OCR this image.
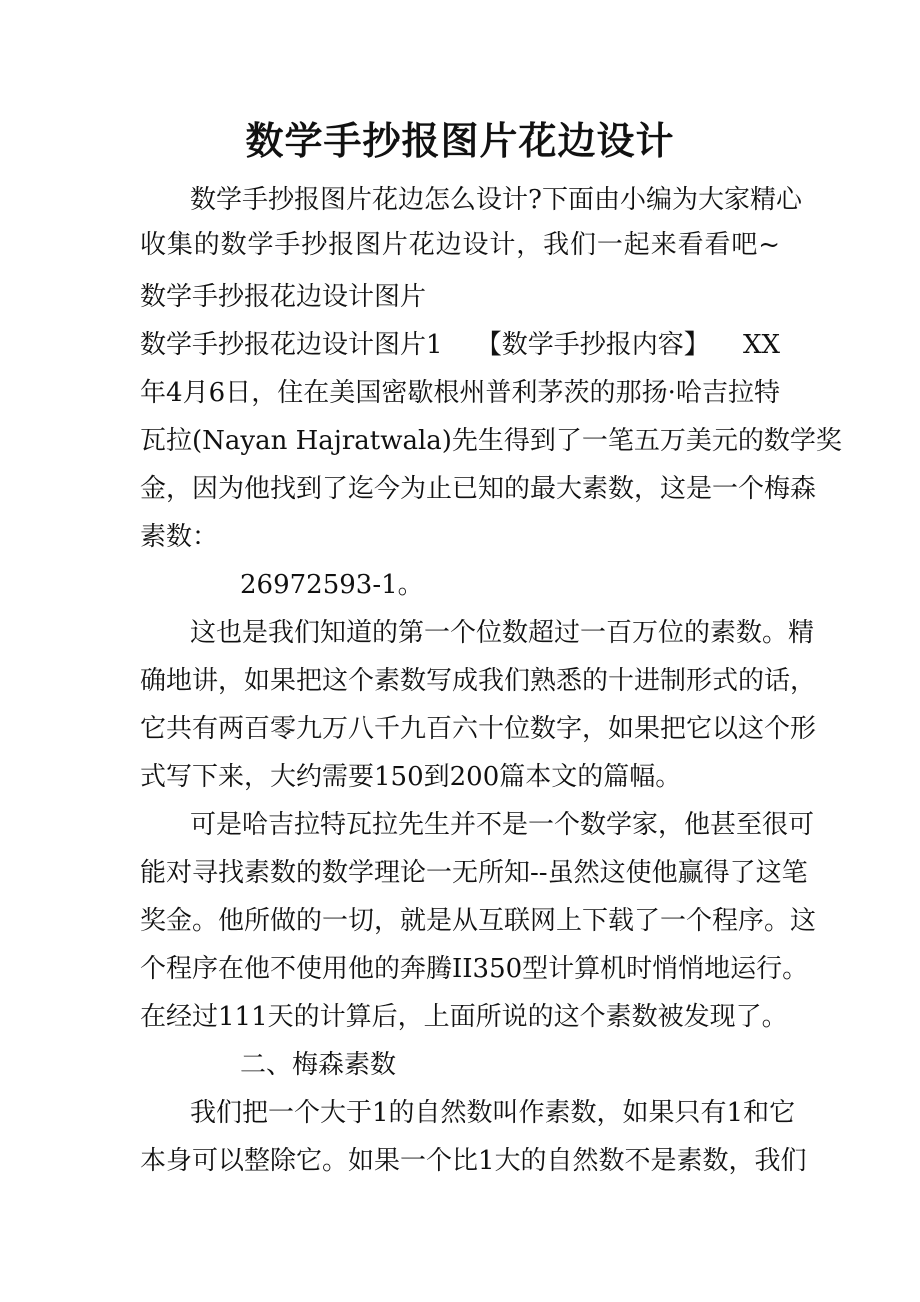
数学手抄报图片花边设计
数学手抄报图片花边怎么设计?下面由小编为大家精心
收集的数学手抄报图片花边设计，我们一起来看看吧~
数学手抄报花边设计图片
数学手抄报花边设计图片1 【数学手抄报内容】 XX
年4月6日，住在美国密歇根州普利茅茨的那扬·哈吉拉特
瓦拉(Nayan Hajratwala)先生得到了一笔五万美元的数学奖
金，因为他找到了迄今为止已知的最大素数，这是一个梅森
素数：
26972593-1。
这也是我们知道的第一个位数超过一百万位的素数。精
确地讲，如果把这个素数写成我们熟悉的十进制形式的话，
它共有两百零九万八千九百六十位数字，如果把它以这个形
式写下来，大约需要150到200篇本文的篇幅。
可是哈吉拉特瓦拉先生并不是一个数学家，他甚至很可
能对寻找素数的数学理论一无所知--虽然这使他赢得了这笔
奖金。他所做的一切，就是从互联网上下载了一个程序。这
个程序在他不使用他的奔腾II350型计算机时悄悄地运行。
在经过111天的计算后，上面所说的这个素数被发现了。
二、梅森素数
我们把一个大于1的自然数叫作素数，如果只有1和它
本身可以整除它。如果一个比1大的自然数不是素数，我们
